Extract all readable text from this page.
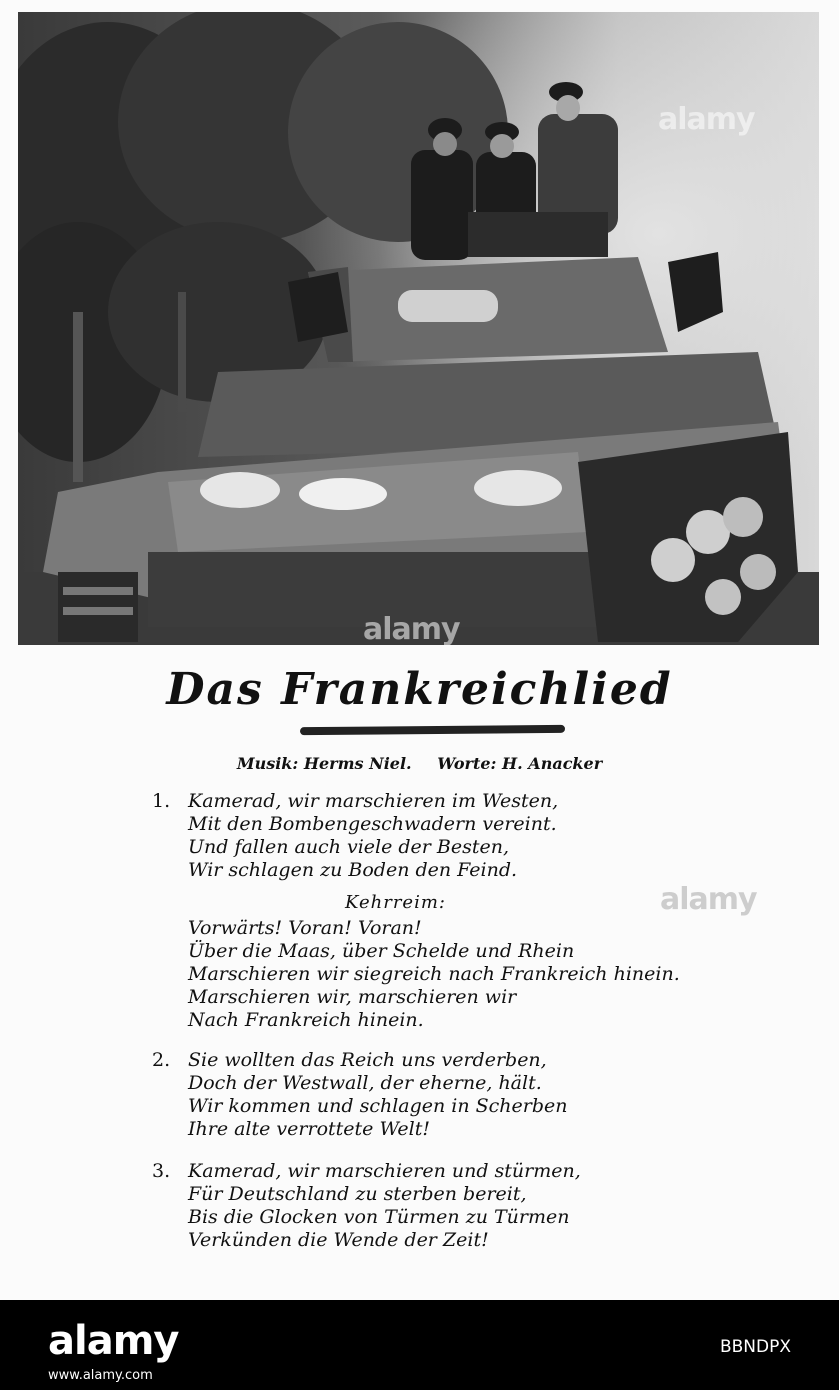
alamy
alamy
Das Frankreichlied
Musik: Herms Niel. Worte: H. Anacker
1. Kamerad, wir marschieren im Westen,
Mit den Bombengeschwadern vereint.
Und fallen auch viele der Besten,
Wir schlagen zu Boden den Feind.
Kehrreim:
Vorwärts! Voran! Voran!
Über die Maas, über Schelde und Rhein
Marschieren wir siegreich nach Frankreich hinein.
Marschieren wir, marschieren wir
Nach Frankreich hinein.
2. Sie wollten das Reich uns verderben,
Doch der Westwall, der eherne, hält.
Wir kommen und schlagen in Scherben
Ihre alte verrottete Welt!
3. Kamerad, wir marschieren und stürmen,
Für Deutschland zu sterben bereit,
Bis die Glocken von Türmen zu Türmen
Verkünden die Wende der Zeit!
alamy
alamy
www.alamy.com
BBNDPX
